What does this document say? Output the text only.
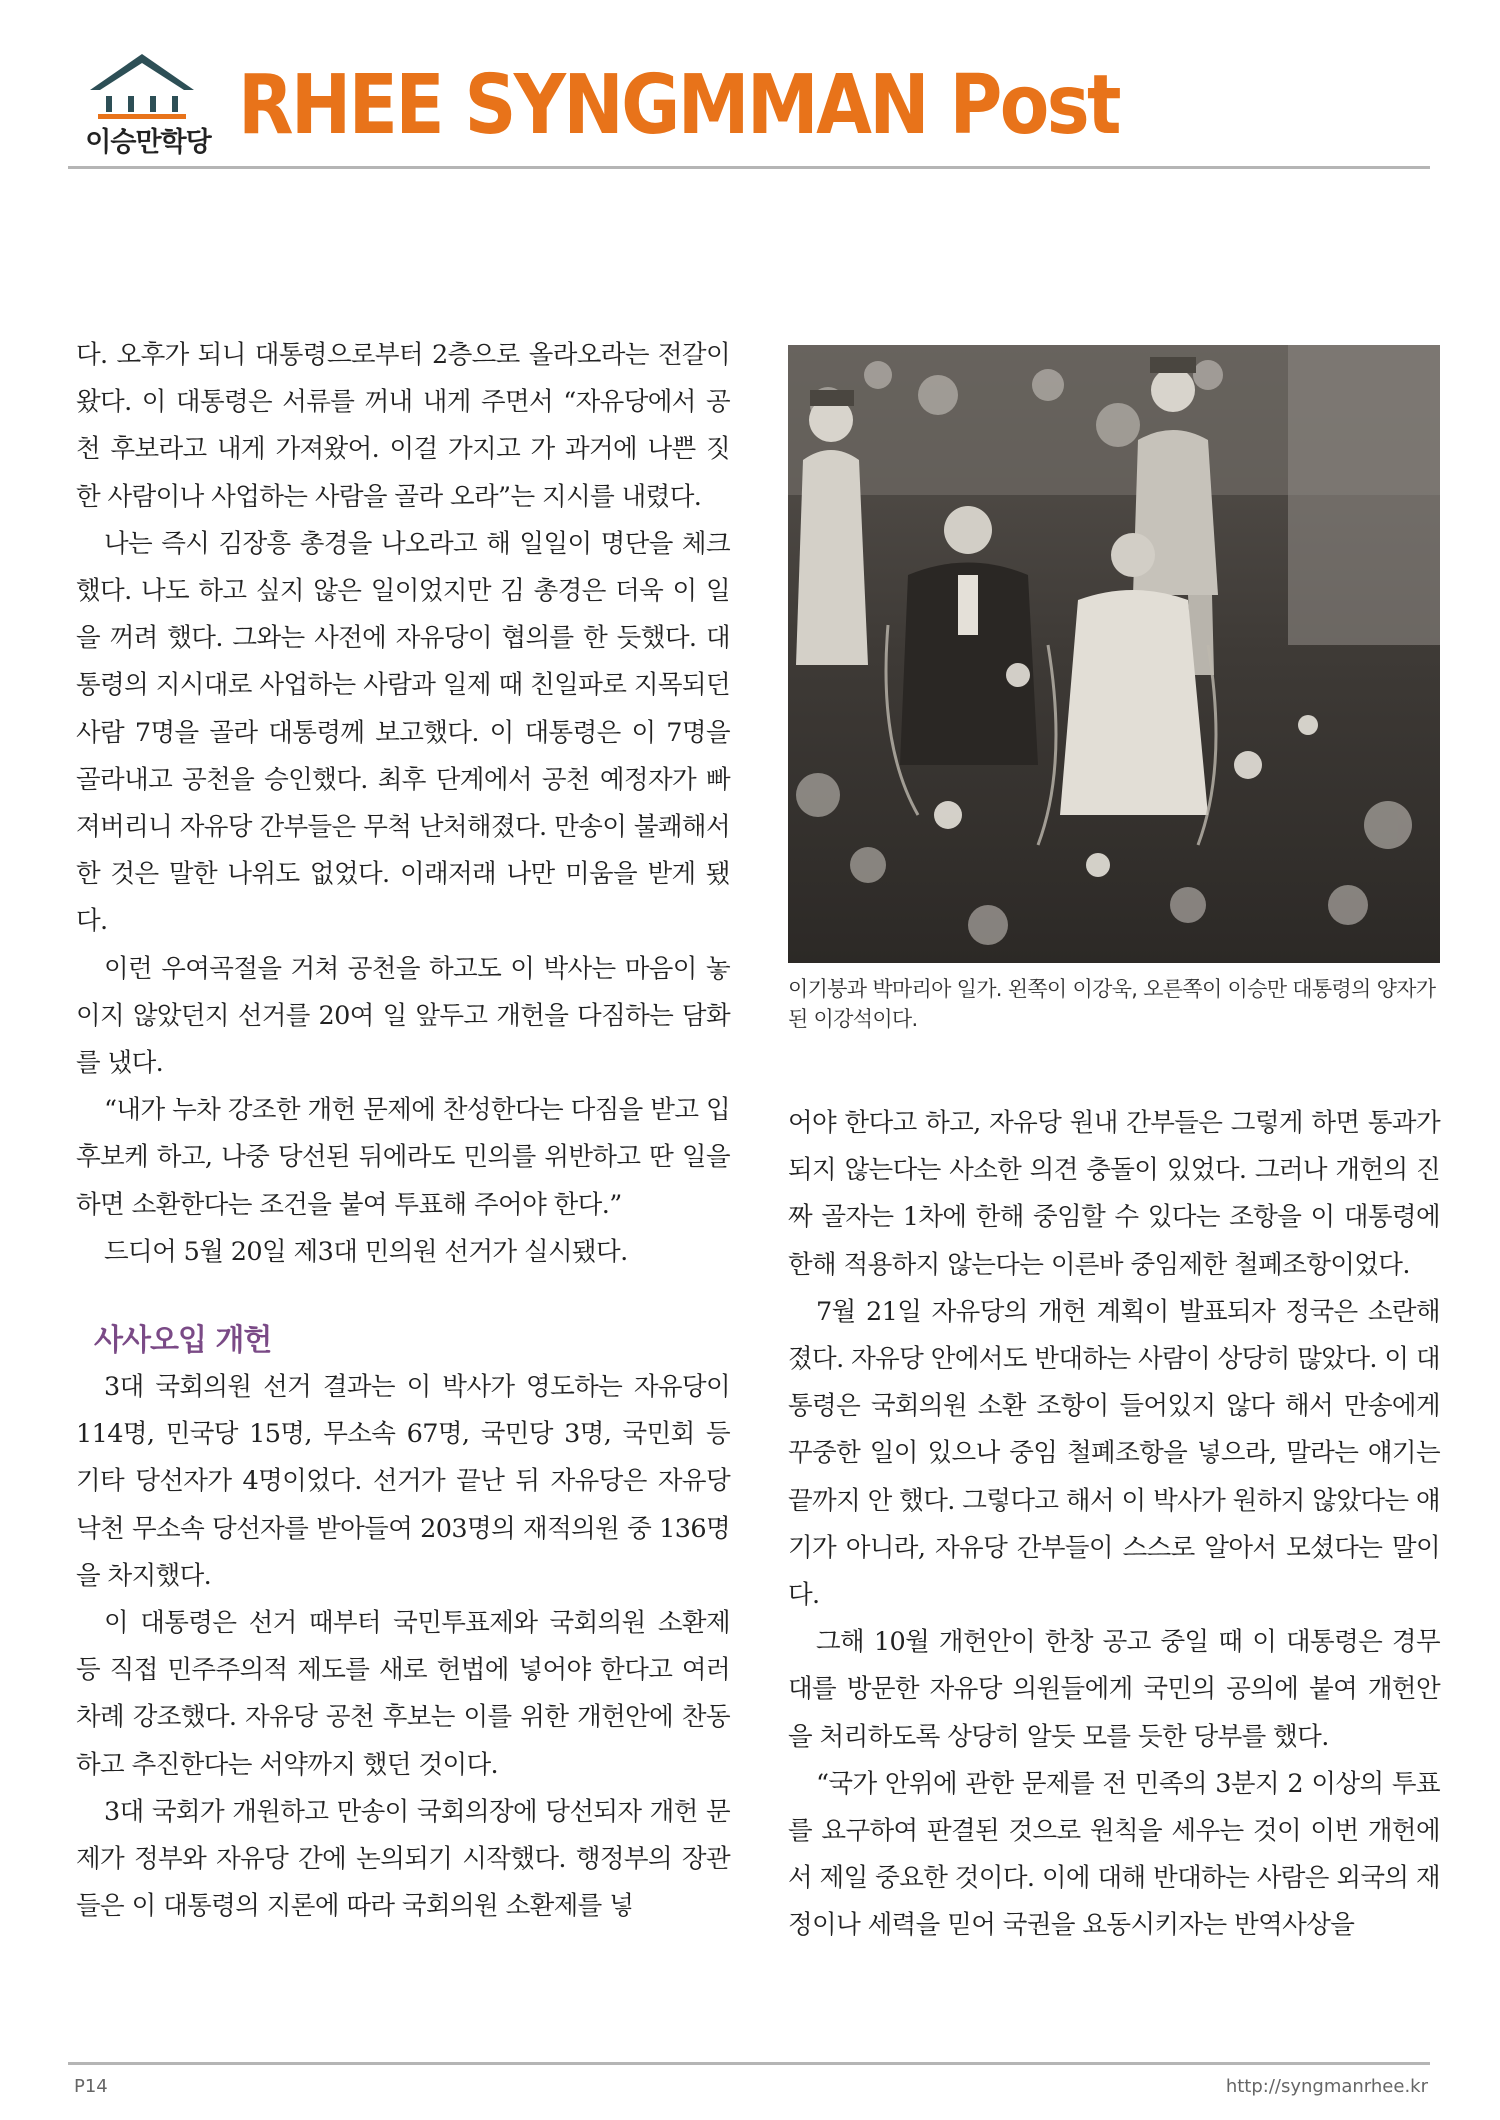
이승만학당 RHEE SYNGMMAN Post

다. 오후가 되니 대통령으로부터 2층으로 올라오라는 전갈이 왔다. 이 대통령은 서류를 꺼내 내게 주면서 “자유당에서 공천 후보라고 내게 가져왔어. 이걸 가지고 가 과거에 나쁜 짓 한 사람이나 사업하는 사람을 골라 오라”는 지시를 내렸다.

나는 즉시 김장흥 총경을 나오라고 해 일일이 명단을 체크했다. 나도 하고 싶지 않은 일이었지만 김 총경은 더욱 이 일을 꺼려 했다. 그와는 사전에 자유당이 협의를 한 듯했다. 대통령의 지시대로 사업하는 사람과 일제 때 친일파로 지목되던 사람 7명을 골라 대통령께 보고했다. 이 대통령은 이 7명을 골라내고 공천을 승인했다. 최후 단계에서 공천 예정자가 빠져버리니 자유당 간부들은 무척 난처해졌다. 만송이 불쾌해서 한 것은 말한 나위도 없었다. 이래저래 나만 미움을 받게 됐다.

이런 우여곡절을 거쳐 공천을 하고도 이 박사는 마음이 놓이지 않았던지 선거를 20여 일 앞두고 개헌을 다짐하는 담화를 냈다.

“내가 누차 강조한 개헌 문제에 찬성한다는 다짐을 받고 입후보케 하고, 나중 당선된 뒤에라도 민의를 위반하고 딴 일을 하면 소환한다는 조건을 붙여 투표해 주어야 한다.”

드디어 5월 20일 제3대 민의원 선거가 실시됐다.

사사오입 개헌

3대 국회의원 선거 결과는 이 박사가 영도하는 자유당이 114명, 민국당 15명, 무소속 67명, 국민당 3명, 국민회 등 기타 당선자가 4명이었다. 선거가 끝난 뒤 자유당은 자유당 낙천 무소속 당선자를 받아들여 203명의 재적의원 중 136명을 차지했다.

이 대통령은 선거 때부터 국민투표제와 국회의원 소환제 등 직접 민주주의적 제도를 새로 헌법에 넣어야 한다고 여러 차례 강조했다. 자유당 공천 후보는 이를 위한 개헌안에 찬동하고 추진한다는 서약까지 했던 것이다.

3대 국회가 개원하고 만송이 국회의장에 당선되자 개헌 문제가 정부와 자유당 간에 논의되기 시작했다. 행정부의 장관들은 이 대통령의 지론에 따라 국회의원 소환제를 넣

이기붕과 박마리아 일가. 왼쪽이 이강욱, 오른쪽이 이승만 대통령의 양자가 된 이강석이다.

어야 한다고 하고, 자유당 원내 간부들은 그렇게 하면 통과가 되지 않는다는 사소한 의견 충돌이 있었다. 그러나 개헌의 진짜 골자는 1차에 한해 중임할 수 있다는 조항을 이 대통령에 한해 적용하지 않는다는 이른바 중임제한 철폐조항이었다.

7월 21일 자유당의 개헌 계획이 발표되자 정국은 소란해졌다. 자유당 안에서도 반대하는 사람이 상당히 많았다. 이 대통령은 국회의원 소환 조항이 들어있지 않다 해서 만송에게 꾸중한 일이 있으나 중임 철폐조항을 넣으라, 말라는 얘기는 끝까지 안 했다. 그렇다고 해서 이 박사가 원하지 않았다는 얘기가 아니라, 자유당 간부들이 스스로 알아서 모셨다는 말이다.

그해 10월 개헌안이 한창 공고 중일 때 이 대통령은 경무대를 방문한 자유당 의원들에게 국민의 공의에 붙여 개헌안을 처리하도록 상당히 알듯 모를 듯한 당부를 했다.

“국가 안위에 관한 문제를 전 민족의 3분지 2 이상의 투표를 요구하여 판결된 것으로 원칙을 세우는 것이 이번 개헌에서 제일 중요한 것이다. 이에 대해 반대하는 사람은 외국의 재정이나 세력을 믿어 국권을 요동시키자는 반역사상을

P14	http://syngmanrhee.kr
